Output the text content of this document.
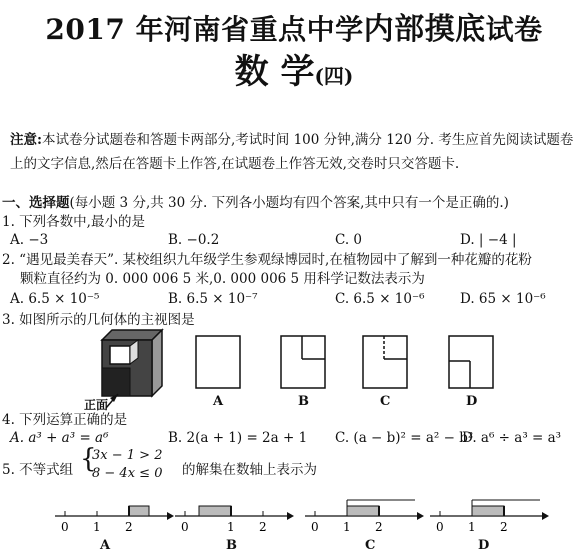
2017 年河南省重点中学内部摸底试卷
数 学(四)
注意:本试卷分试题卷和答题卡两部分,考试时间 100 分钟,满分 120 分. 考生应首先阅读试题卷上的文字信息,然后在答题卡上作答,在试题卷上作答无效,交卷时只交答题卡.
一、选择题(每小题 3 分,共 30 分. 下列各小题均有四个答案,其中只有一个是正确的.)
1. 下列各数中,最小的是
A. −3	B. −0.2	C. 0	D. | −4 |
2. “遇见最美春天”. 某校组织九年级学生参观绿博园时,在植物园中了解到一种花瓣的花粉
颗粒直径约为 0. 000 006 5 米,0. 000 006 5 用科学记数法表示为
A. 6.5 × 10⁻⁵	B. 6.5 × 10⁻⁷	C. 6.5 × 10⁻⁶	D. 65 × 10⁻⁶
3. 如图所示的几何体的主视图是
正面	A	B	C	D
4. 下列运算正确的是
A. a³ + a³ = a⁶	B. 2(a + 1) = 2a + 1 C. (a − b)² = a² − b²
D. a⁶ ÷ a³ = a³
5. 不等式组 {
3x − 1 > 2
8 − 4x ≤ 0 的解集在数轴上表示为
0 1 2
A
0	1 2
B
0 1 2
C
0 1 2
D
